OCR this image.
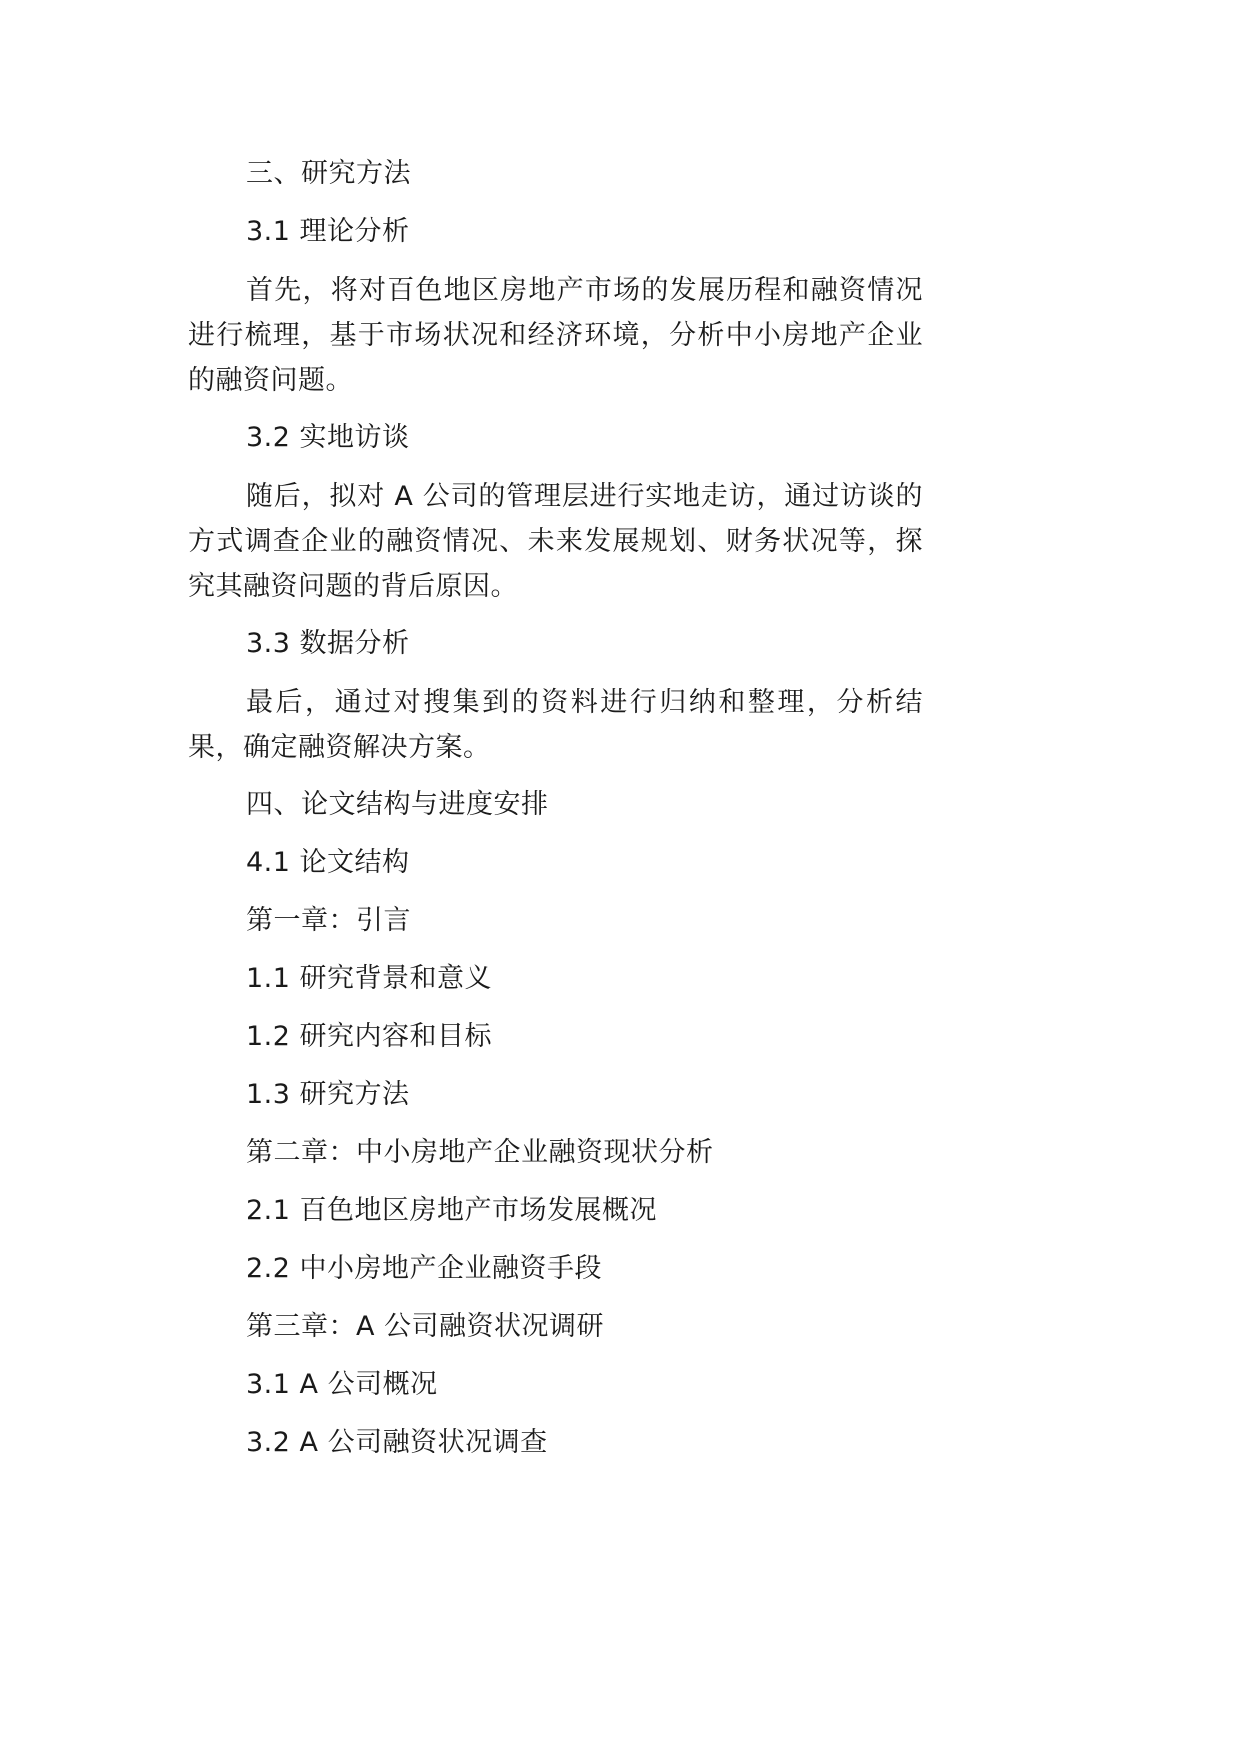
三、研究方法

3.1 理论分析

首先，将对百色地区房地产市场的发展历程和融资情况进行梳理，基于市场状况和经济环境，分析中小房地产企业的融资问题。

3.2 实地访谈

随后，拟对 A 公司的管理层进行实地走访，通过访谈的方式调查企业的融资情况、未来发展规划、财务状况等，探究其融资问题的背后原因。

3.3 数据分析

最后，通过对搜集到的资料进行归纳和整理，分析结果，确定融资解决方案。

四、论文结构与进度安排

4.1 论文结构

第一章：引言

1.1 研究背景和意义

1.2 研究内容和目标

1.3 研究方法

第二章：中小房地产企业融资现状分析

2.1 百色地区房地产市场发展概况

2.2 中小房地产企业融资手段

第三章：A 公司融资状况调研

3.1 A 公司概况

3.2 A 公司融资状况调查
